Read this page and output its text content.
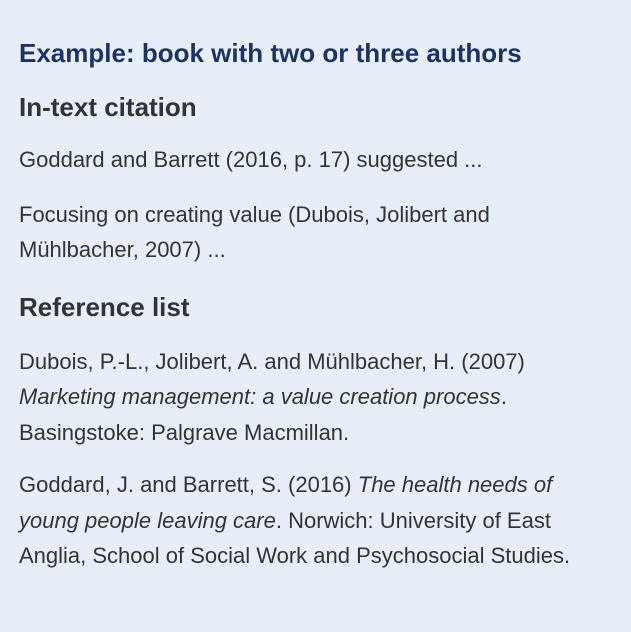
Example: book with two or three authors
In-text citation

Goddard and Barrett (2016, p. 17) suggested ...

Focusing on creating value (Dubois, Jolibert and Mühlbacher, 2007) ...

Reference list

Dubois, P.-L., Jolibert, A. and Mühlbacher, H. (2007) Marketing management: a value creation process. Basingstoke: Palgrave Macmillan.

Goddard, J. and Barrett, S. (2016) The health needs of young people leaving care. Norwich: University of East Anglia, School of Social Work and Psychosocial Studies.
